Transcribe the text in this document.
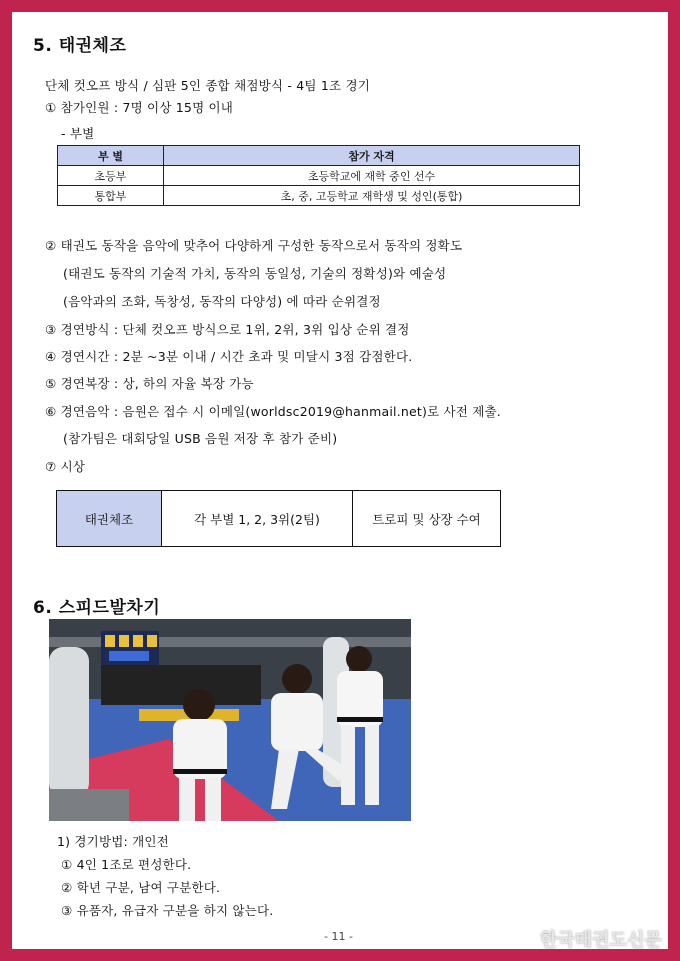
5. 태권체조
단체 컷오프 방식 / 심판 5인 종합 채점방식 - 4팀 1조 경기
① 참가인원 : 7명 이상 15명 이내
- 부별
부 별	참가 자격
초등부	초등학교에 재학 중인 선수
통합부	초, 중, 고등학교 재학생 및 성인(통합)
② 태권도 동작을 음악에 맞추어 다양하게 구성한 동작으로서 동작의 정확도
(태권도 동작의 기술적 가치, 동작의 동일성, 기술의 정확성)와 예술성
(음악과의 조화, 독창성, 동작의 다양성) 에 따라 순위결정
③ 경연방식 : 단체 컷오프 방식으로 1위, 2위, 3위 입상 순위 결정
④ 경연시간 : 2분 ~3분 이내 / 시간 초과 및 미달시 3점 감점한다.
⑤ 경연복장 : 상, 하의 자율 복장 가능
⑥ 경연음악 : 음원은 접수 시 이메일(worldsc2019@hanmail.net)로 사전 제출.
(참가팀은 대회당일 USB 음원 저장 후 참가 준비)
⑦ 시상
태권체조	각 부별 1, 2, 3위(2팀)	트로피 및 상장 수여
6. 스피드발차기
1) 경기방법: 개인전
① 4인 1조로 편성한다.
② 학년 구분, 남여 구분한다.
③ 유품자, 유급자 구분을 하지 않는다.
- 11 -	한국태권도신문
